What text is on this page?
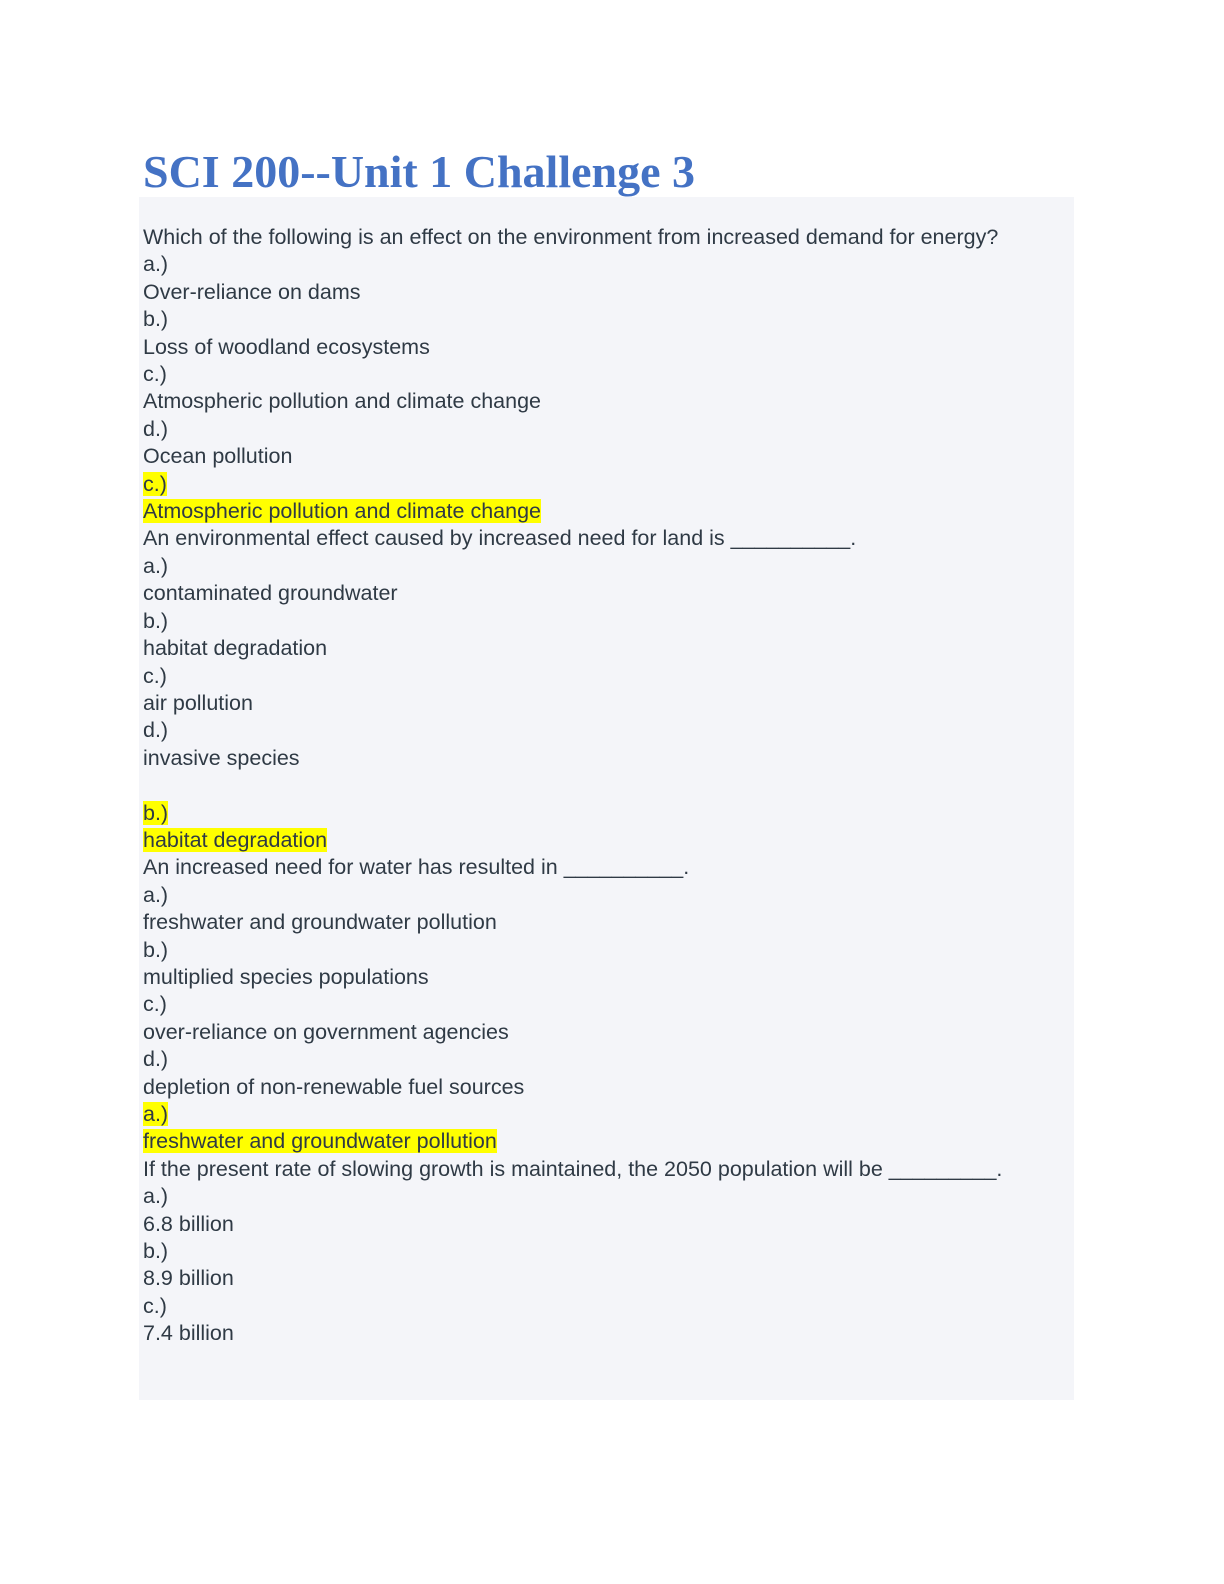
SCI 200--Unit 1 Challenge 3
Which of the following is an effect on the environment from increased demand for energy?
a.)
Over-reliance on dams
b.)
Loss of woodland ecosystems
c.)
Atmospheric pollution and climate change
d.)
Ocean pollution
c.)
Atmospheric pollution and climate change
An environmental effect caused by increased need for land is __________.
a.)
contaminated groundwater
b.)
habitat degradation
c.)
air pollution
d.)
invasive species
b.)
habitat degradation
An increased need for water has resulted in __________.
a.)
freshwater and groundwater pollution
b.)
multiplied species populations
c.)
over-reliance on government agencies
d.)
depletion of non-renewable fuel sources
a.)
freshwater and groundwater pollution
If the present rate of slowing growth is maintained, the 2050 population will be _________.
a.)
6.8 billion
b.)
8.9 billion
c.)
7.4 billion
